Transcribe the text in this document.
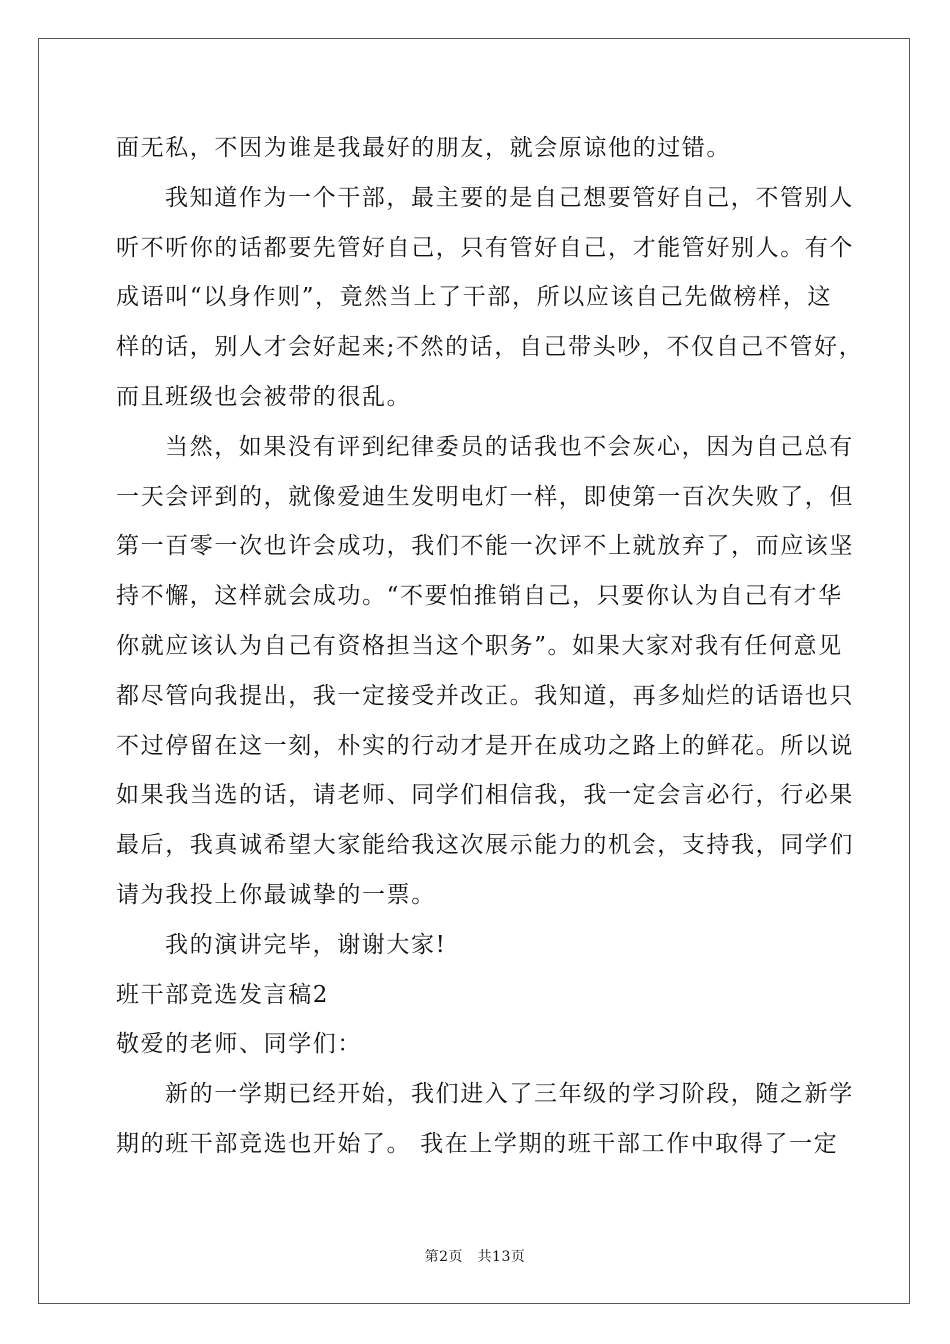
面无私，不因为谁是我最好的朋友，就会原谅他的过错。
我知道作为一个干部，最主要的是自己想要管好自己，不管别人
听不听你的话都要先管好自己，只有管好自己，才能管好别人。有个
成语叫“以身作则”，竟然当上了干部，所以应该自己先做榜样，这
样的话，别人才会好起来;不然的话，自己带头吵，不仅自己不管好，
而且班级也会被带的很乱。
当然，如果没有评到纪律委员的话我也不会灰心，因为自己总有
一天会评到的，就像爱迪生发明电灯一样，即使第一百次失败了，但
第一百零一次也许会成功，我们不能一次评不上就放弃了，而应该坚
持不懈，这样就会成功。“不要怕推销自己，只要你认为自己有才华
你就应该认为自己有资格担当这个职务”。如果大家对我有任何意见
都尽管向我提出，我一定接受并改正。我知道，再多灿烂的话语也只
不过停留在这一刻，朴实的行动才是开在成功之路上的鲜花。所以说
如果我当选的话，请老师、同学们相信我，我一定会言必行，行必果
最后，我真诚希望大家能给我这次展示能力的机会，支持我，同学们
请为我投上你最诚挚的一票。
我的演讲完毕，谢谢大家!
班干部竞选发言稿2
敬爱的老师、同学们：
新的一学期已经开始，我们进入了三年级的学习阶段，随之新学
期的班干部竞选也开始了。 我在上学期的班干部工作中取得了一定
第2页　共13页
